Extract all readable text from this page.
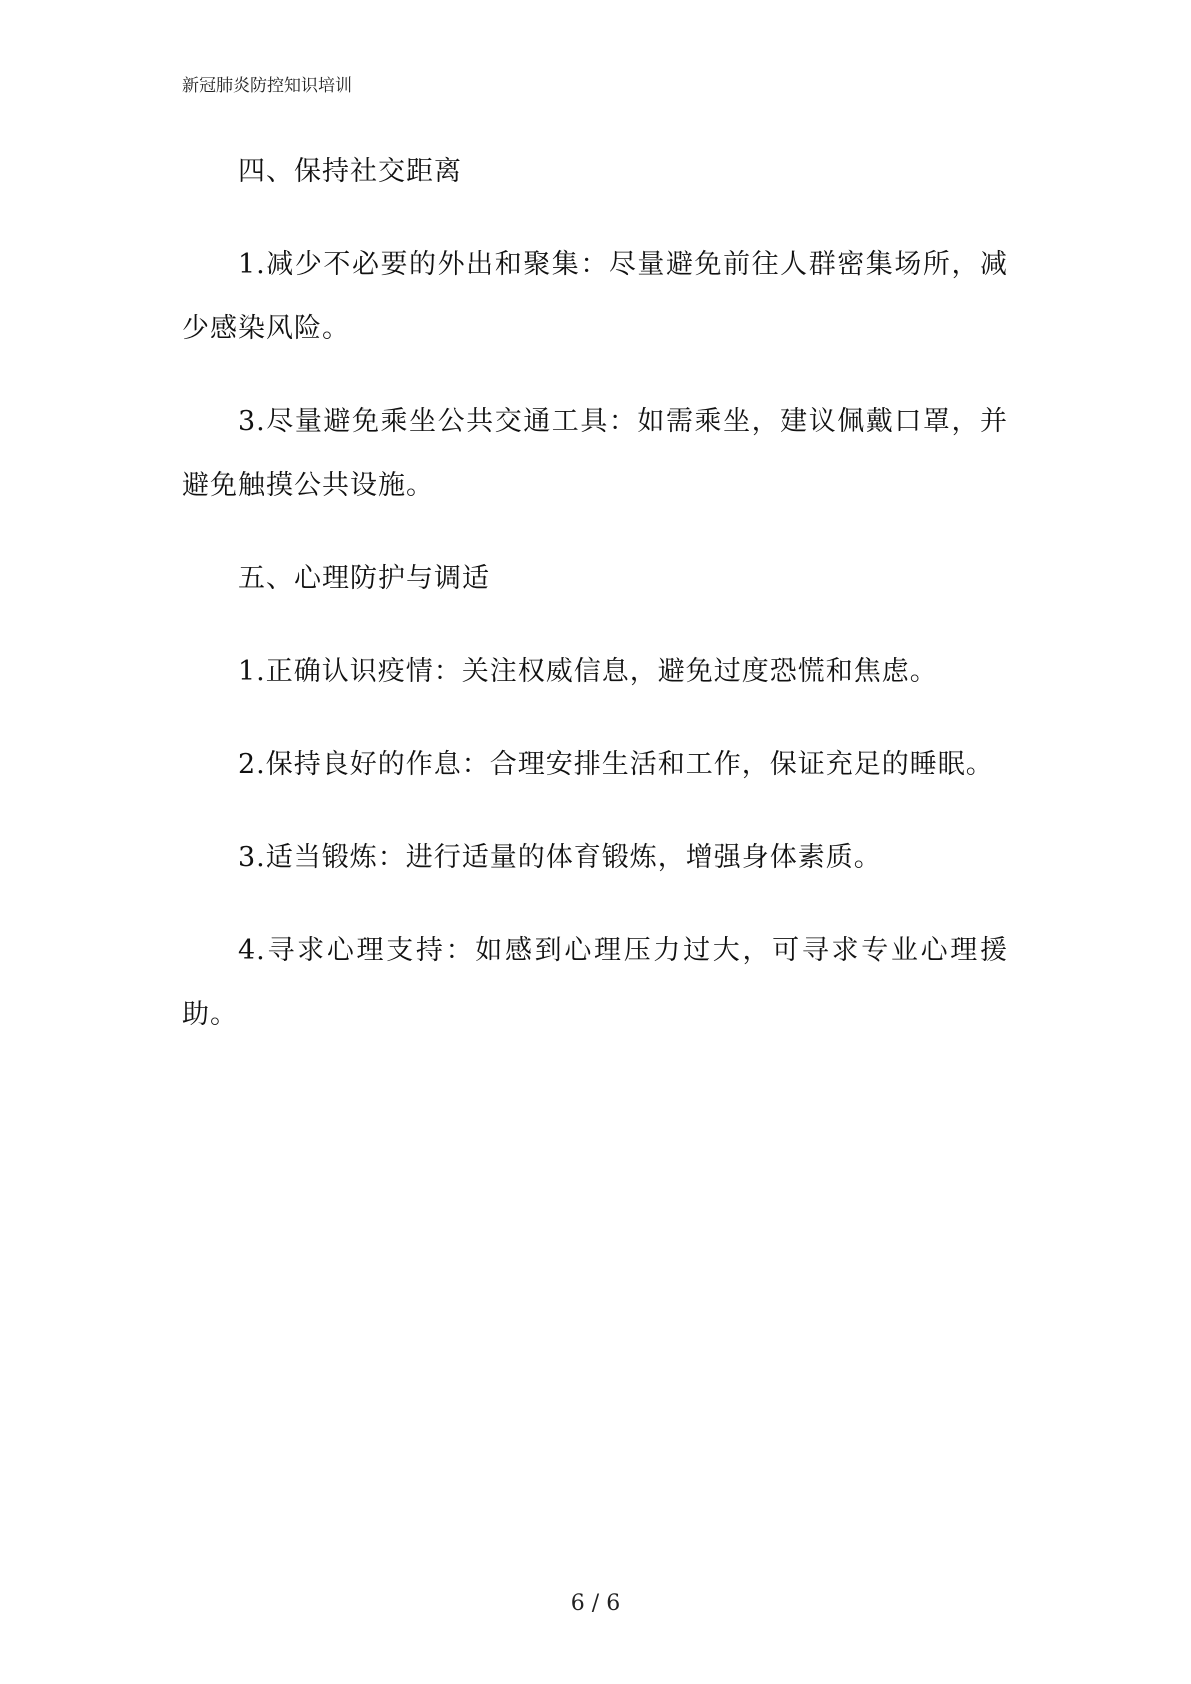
新冠肺炎防控知识培训

四、保持社交距离

1.减少不必要的外出和聚集：尽量避免前往人群密集场所，减少感染风险。

3.尽量避免乘坐公共交通工具：如需乘坐，建议佩戴口罩，并避免触摸公共设施。

五、心理防护与调适

1.正确认识疫情：关注权威信息，避免过度恐慌和焦虑。

2.保持良好的作息：合理安排生活和工作，保证充足的睡眠。

3.适当锻炼：进行适量的体育锻炼，增强身体素质。

4.寻求心理支持：如感到心理压力过大，可寻求专业心理援助。

6 / 6
